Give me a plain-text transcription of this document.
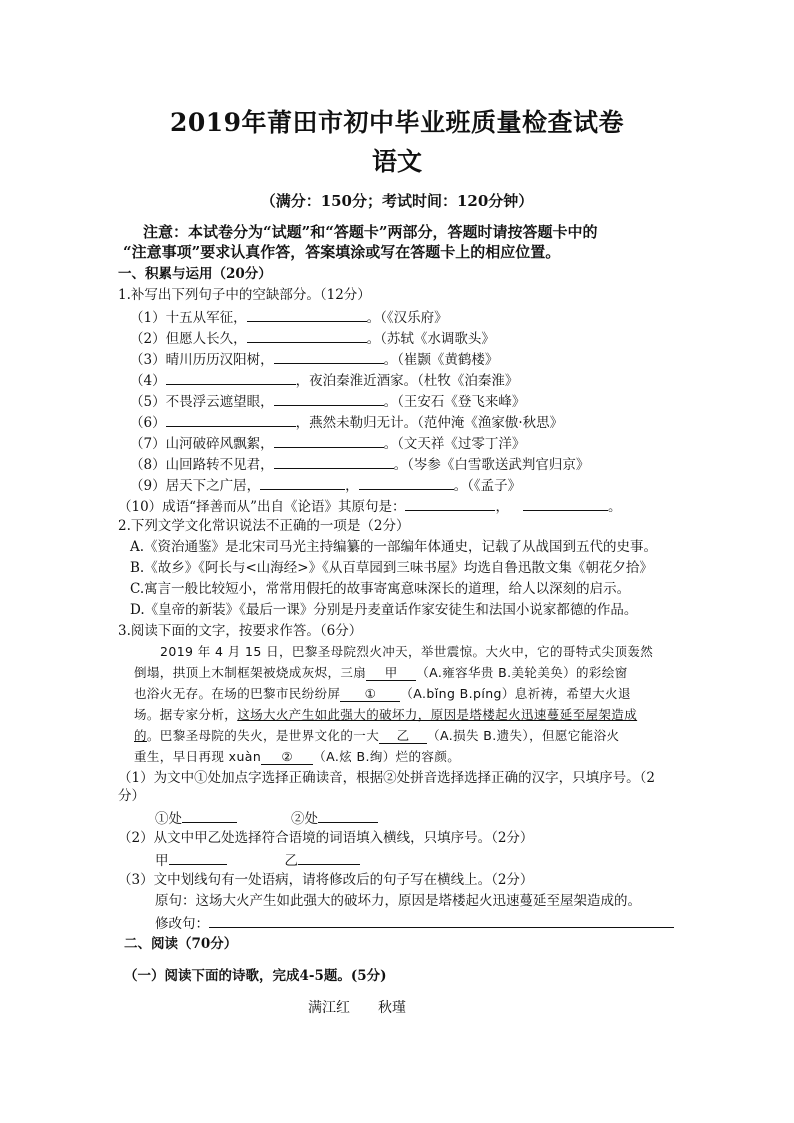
2019年莆田市初中毕业班质量检查试卷
语文
（满分：150分；考试时间：120分钟）
注意：本试卷分为“试题”和“答题卡”两部分，答题时请按答题卡中的
“注意事项”要求认真作答，答案填涂或写在答题卡上的相应位置。
一、积累与运用（20分）
1.补写出下列句子中的空缺部分。（12分）
（1）十五从军征，	。（《汉乐府》
（2）但愿人长久，	。（苏轼《水调歌头》
（3）晴川历历汉阳树，	。（崔颢《黄鹤楼》
（4）	，夜泊秦淮近酒家。（杜牧《泊秦淮》
（5）不畏浮云遮望眼，	。（王安石《登飞来峰》
（6）	，燕然未勒归无计。（范仲淹《渔家傲·秋思》
（7）山河破碎风飘絮，	。（文天祥《过零丁洋》
（8）山回路转不见君，	。（岑参《白雪歌送武判官归京》
（9）居天下之广居，	，	。（《孟子》
（10）成语“择善而从”出自《论语》其原句是：	，	。
2.下列文学文化常识说法不正确的一项是（2分）
A.《资治通鉴》是北宋司马光主持编纂的一部编年体通史，记载了从战国到五代的史事。
B.《故乡》《阿长与<山海经>》《从百草园到三味书屋》均选自鲁迅散文集《朝花夕拾》
C.寓言一般比较短小，常常用假托的故事寄寓意味深长的道理，给人以深刻的启示。
D.《皇帝的新装》《最后一课》分别是丹麦童话作家安徒生和法国小说家都德的作品。
3.阅读下面的文字，按要求作答。（6分）
2019 年 4 月 15 日，巴黎圣母院烈火冲天，举世震惊。大火中，它的哥特式尖顶轰然
倒塌，拱顶上木制框架被烧成灰烬，三扇 甲 （A.雍容华贵 B.美轮美奂）的彩绘窗
也浴火无存。在场的巴黎市民纷纷屏 ① （A.bǐng B.píng）息祈祷，希望大火退
场。据专家分析，这场大火产生如此强大的破坏力，原因是塔楼起火迅速蔓延至屋架造成
的。巴黎圣母院的失火，是世界文化的一大 乙 （A.损失 B.遗失），但愿它能浴火
重生，早日再现 xuàn ② （A.炫 B.绚）烂的容颜。
（1）为文中①处加点字选择正确读音，根据②处拼音选择选择正确的汉字，只填序号。（2
分）
①处	②处
（2）从文中甲乙处选择符合语境的词语填入横线，只填序号。（2分）
甲	乙
（3）文中划线句有一处语病，请将修改后的句子写在横线上。（2分）
原句：这场大火产生如此强大的破坏力，原因是塔楼起火迅速蔓延至屋架造成的。
修改句：
二、阅读（70分）
（一）阅读下面的诗歌，完成4-5题。(5分)
满江红 秋瑾
